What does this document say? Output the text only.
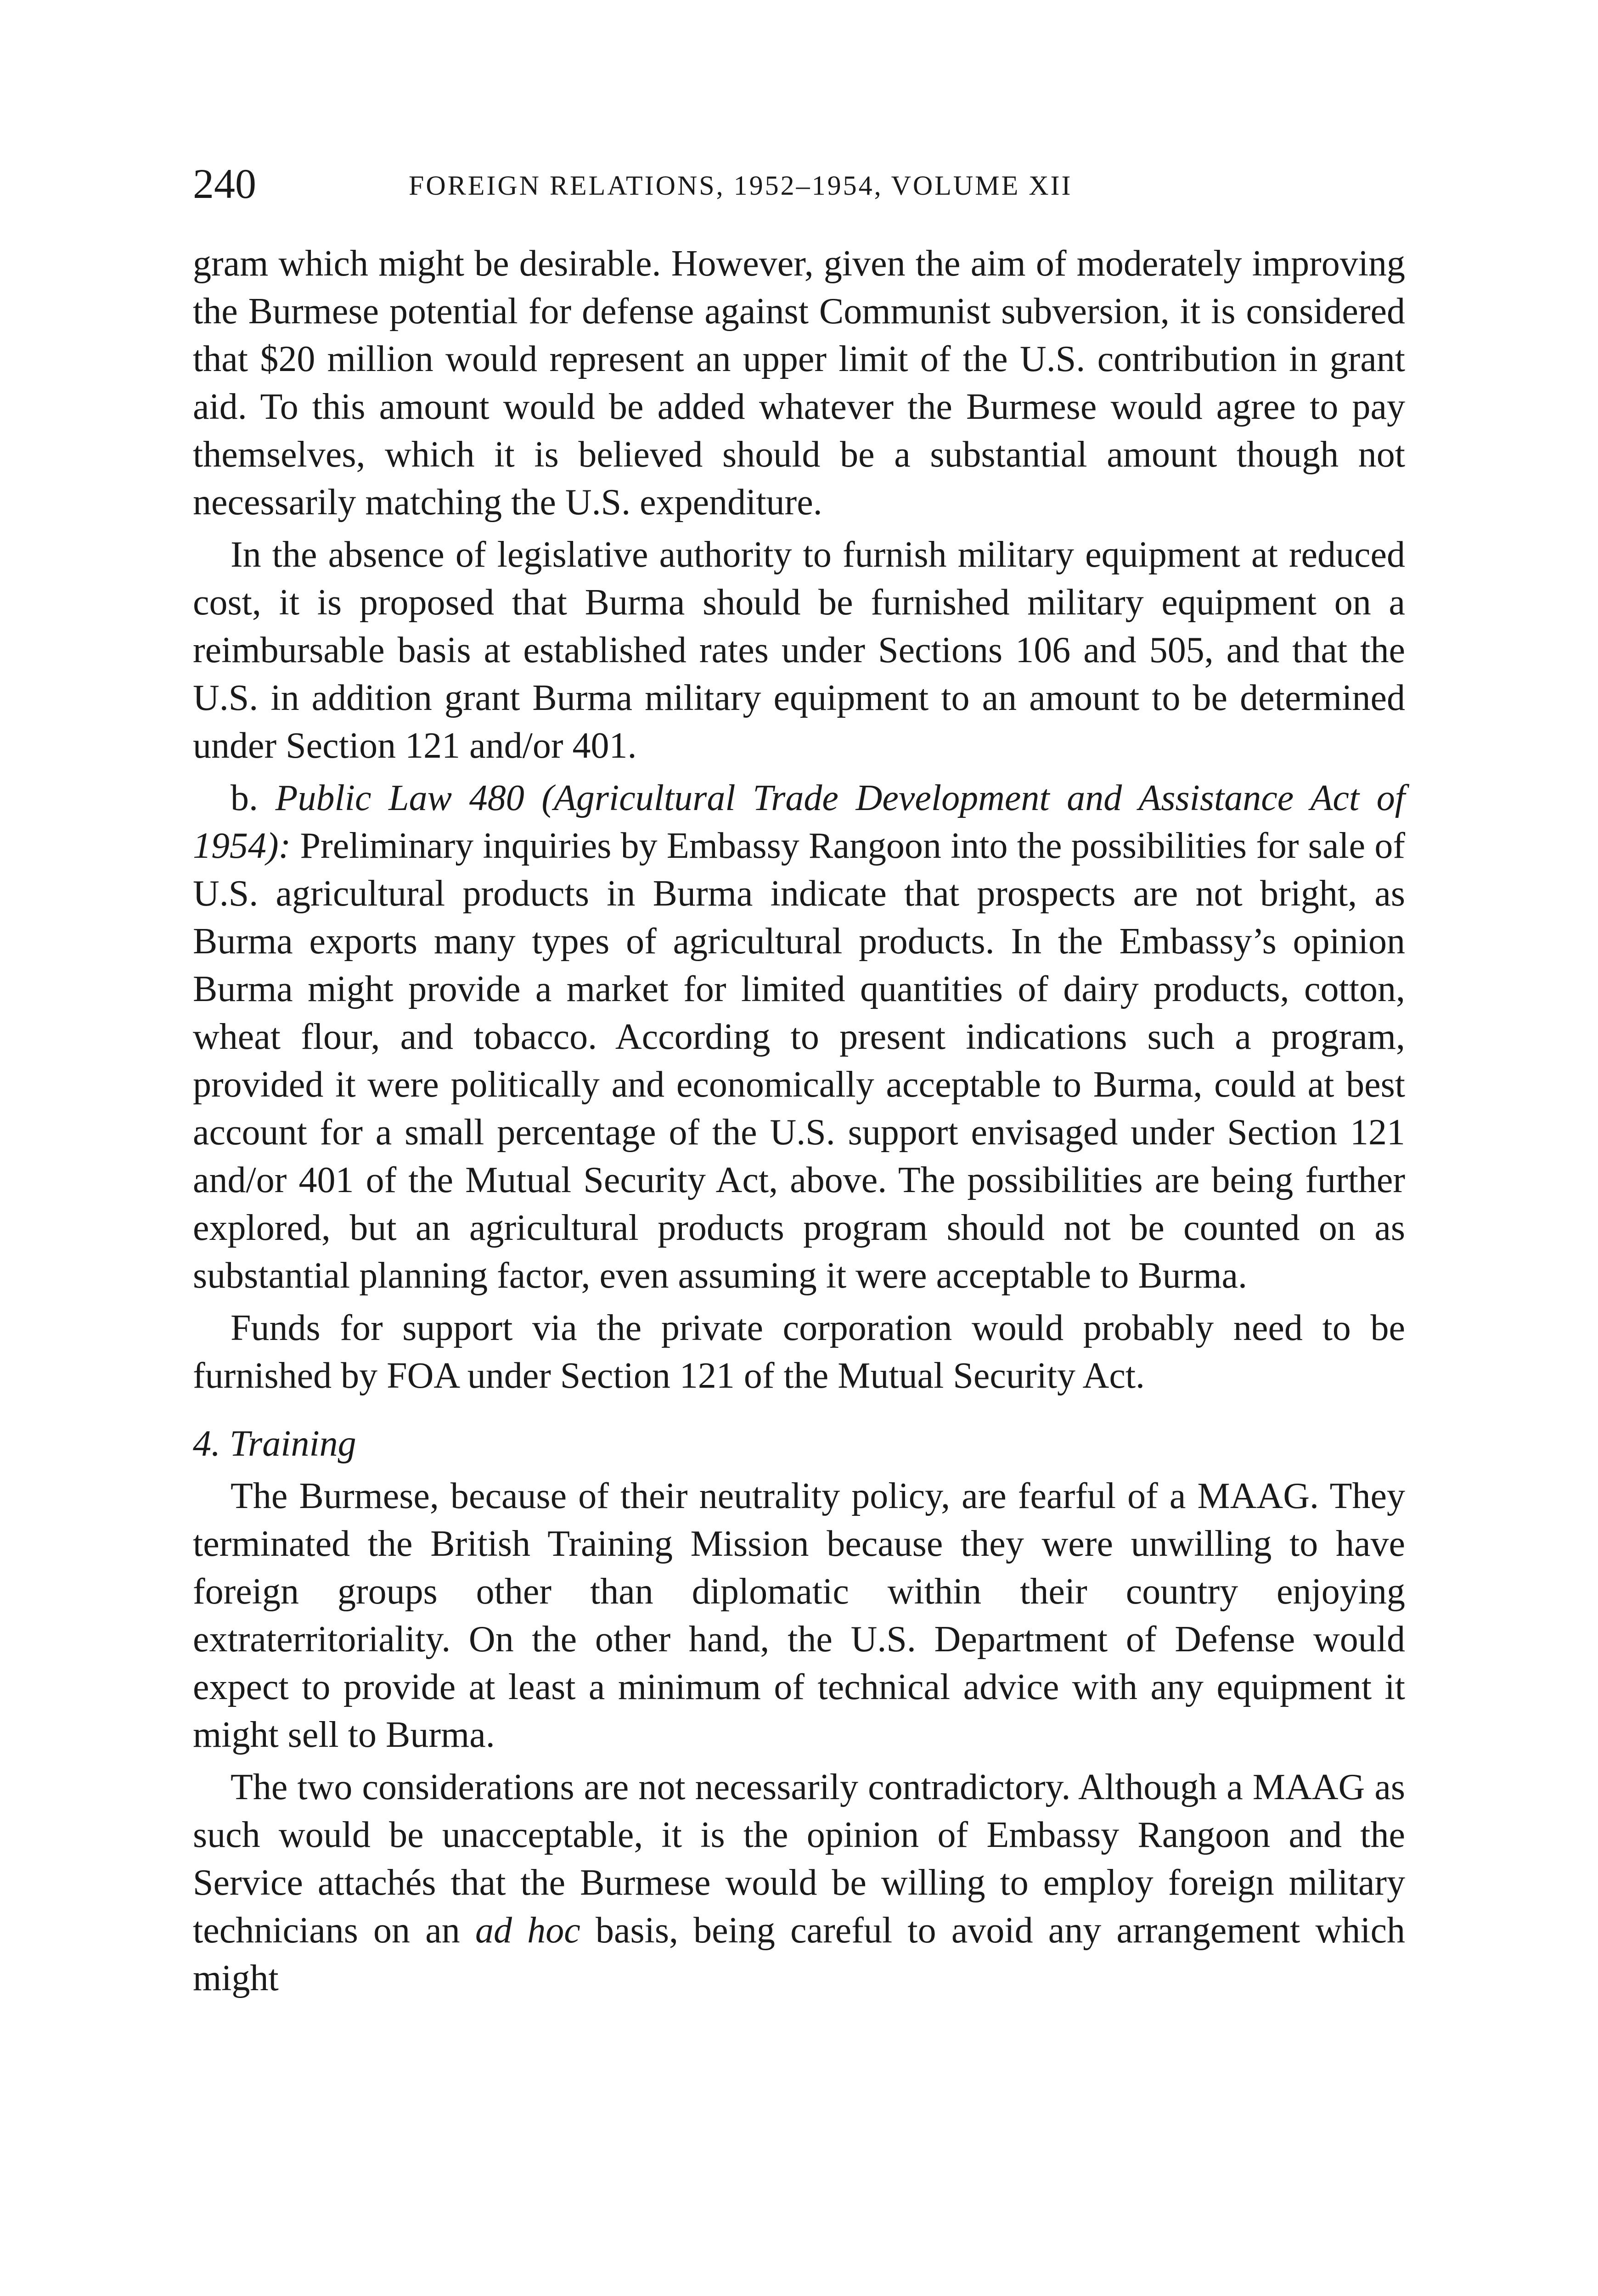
240	FOREIGN RELATIONS, 1952–1954, VOLUME XII

gram which might be desirable. However, given the aim of moderately improving the Burmese potential for defense against Communist subversion, it is considered that $20 million would represent an upper limit of the U.S. contribution in grant aid. To this amount would be added whatever the Burmese would agree to pay themselves, which it is believed should be a substantial amount though not necessarily matching the U.S. expenditure.

In the absence of legislative authority to furnish military equipment at reduced cost, it is proposed that Burma should be furnished military equipment on a reimbursable basis at established rates under Sections 106 and 505, and that the U.S. in addition grant Burma military equipment to an amount to be determined under Section 121 and/or 401.

b. Public Law 480 (Agricultural Trade Development and Assistance Act of 1954): Preliminary inquiries by Embassy Rangoon into the possibilities for sale of U.S. agricultural products in Burma indicate that prospects are not bright, as Burma exports many types of agricultural products. In the Embassy’s opinion Burma might provide a market for limited quantities of dairy products, cotton, wheat flour, and tobacco. According to present indications such a program, provided it were politically and economically acceptable to Burma, could at best account for a small percentage of the U.S. support envisaged under Section 121 and/or 401 of the Mutual Security Act, above. The possibilities are being further explored, but an agricultural products program should not be counted on as substantial planning factor, even assuming it were acceptable to Burma.

Funds for support via the private corporation would probably need to be furnished by FOA under Section 121 of the Mutual Security Act.

4. Training

The Burmese, because of their neutrality policy, are fearful of a MAAG. They terminated the British Training Mission because they were unwilling to have foreign groups other than diplomatic within their country enjoying extraterritoriality. On the other hand, the U.S. Department of Defense would expect to provide at least a minimum of technical advice with any equipment it might sell to Burma.

The two considerations are not necessarily contradictory. Although a MAAG as such would be unacceptable, it is the opinion of Embassy Rangoon and the Service attachés that the Burmese would be willing to employ foreign military technicians on an ad hoc basis, being careful to avoid any arrangement which might
